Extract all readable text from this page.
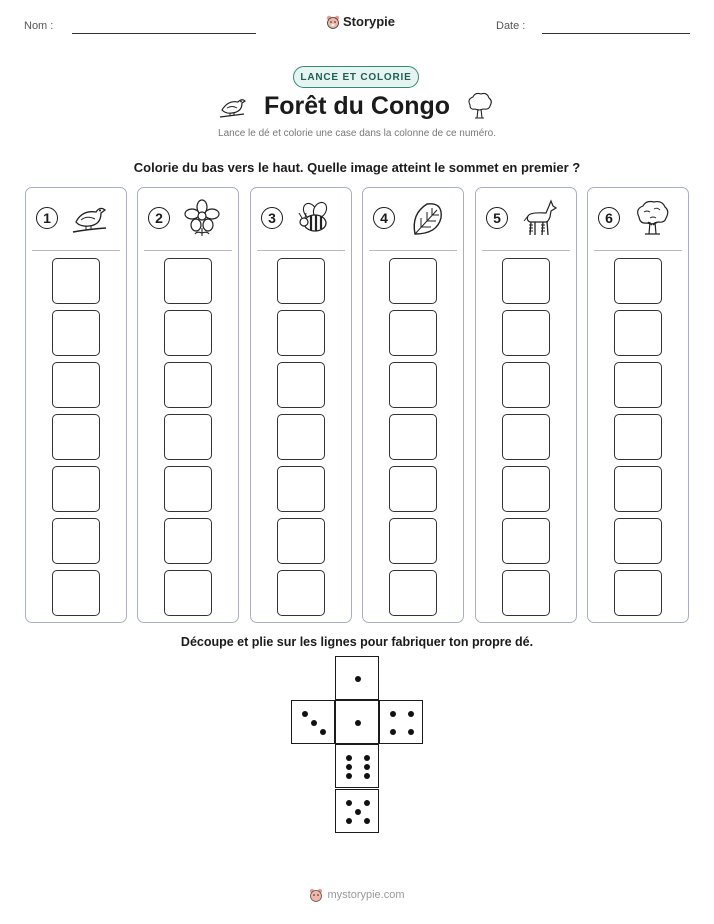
Nom :	Storypie	Date :
LANCE ET COLORIE
Forêt du Congo
Lance le dé et colorie une case dans la colonne de ce numéro.
Colorie du bas vers le haut. Quelle image atteint le sommet en premier ?
1	2	3	4	5	6
Découpe et plie sur les lignes pour fabriquer ton propre dé.
mystorypie.com
